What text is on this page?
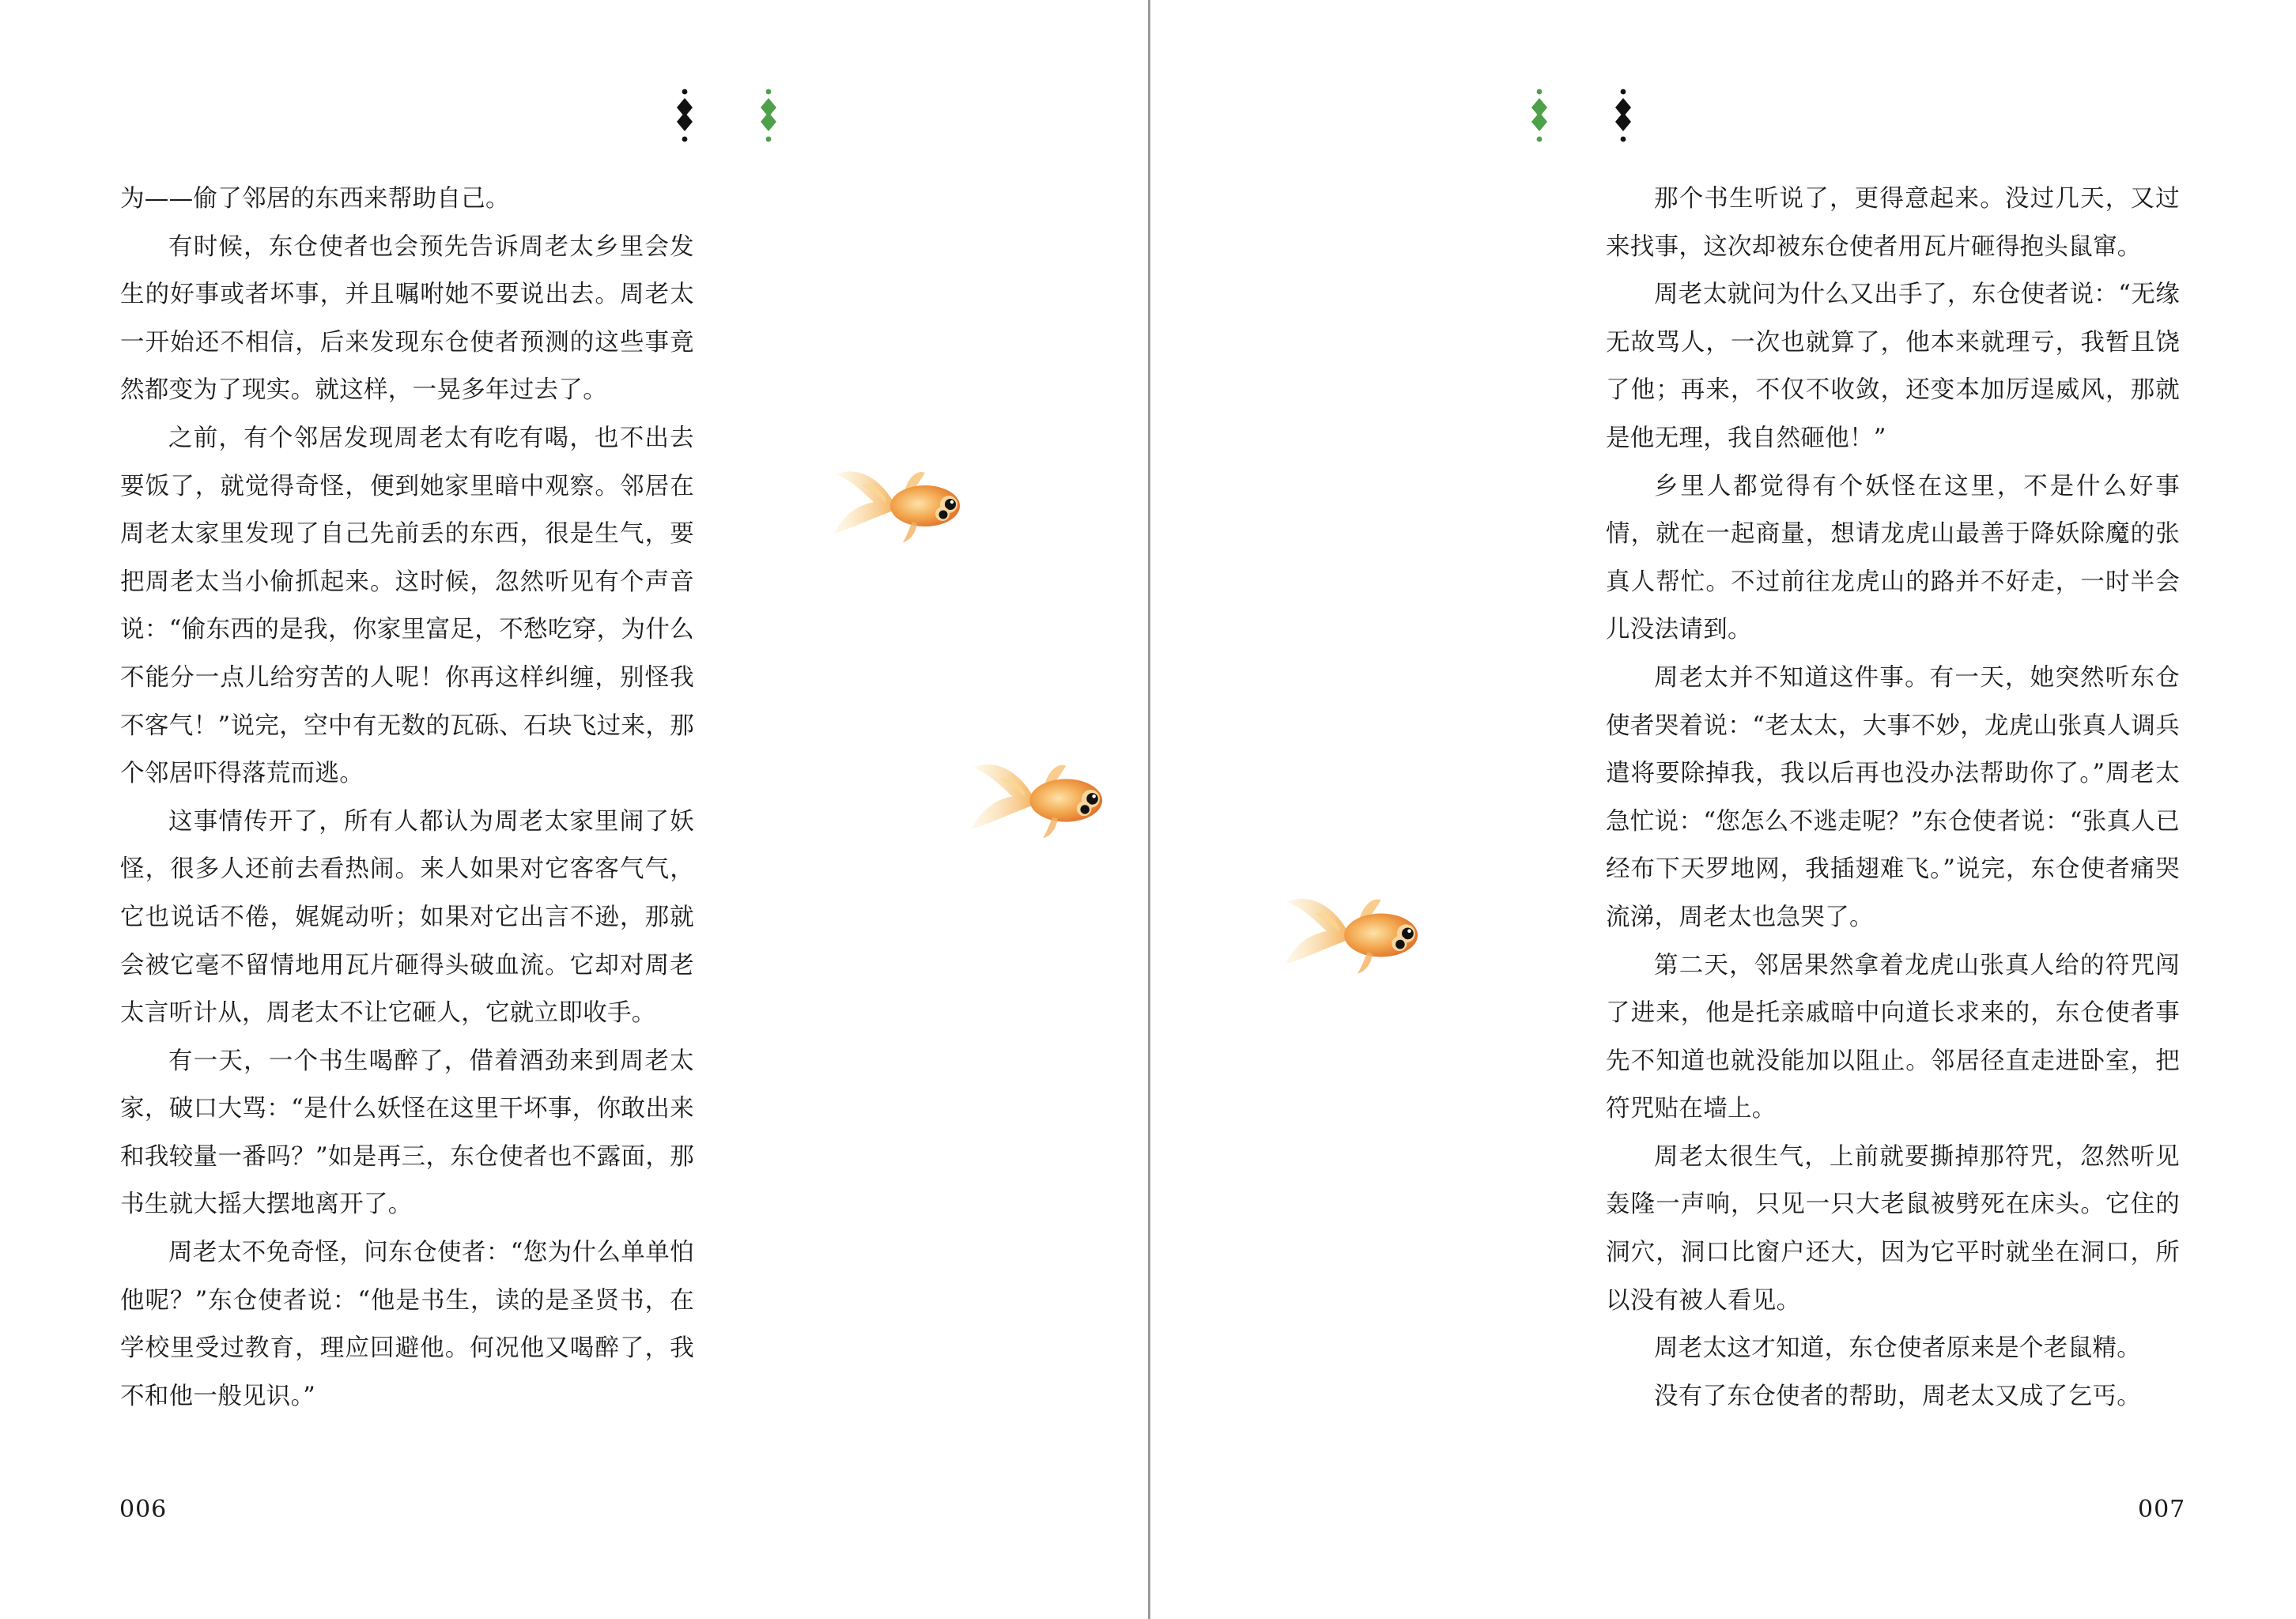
为——偷了邻居的东西来帮助自己。

有时候，东仓使者也会预先告诉周老太乡里会发生的好事或者坏事，并且嘱咐她不要说出去。周老太一开始还不相信，后来发现东仓使者预测的这些事竟然都变为了现实。就这样，一晃多年过去了。

之前，有个邻居发现周老太有吃有喝，也不出去要饭了，就觉得奇怪，便到她家里暗中观察。邻居在周老太家里发现了自己先前丢的东西，很是生气，要把周老太当小偷抓起来。这时候，忽然听见有个声音说：“偷东西的是我，你家里富足，不愁吃穿，为什么不能分一点儿给穷苦的人呢！你再这样纠缠，别怪我不客气！”说完，空中有无数的瓦砾、石块飞过来，那个邻居吓得落荒而逃。

这事情传开了，所有人都认为周老太家里闹了妖怪，很多人还前去看热闹。来人如果对它客客气气，它也说话不倦，娓娓动听；如果对它出言不逊，那就会被它毫不留情地用瓦片砸得头破血流。它却对周老太言听计从，周老太不让它砸人，它就立即收手。

有一天，一个书生喝醉了，借着酒劲来到周老太家，破口大骂：“是什么妖怪在这里干坏事，你敢出来和我较量一番吗？”如是再三，东仓使者也不露面，那书生就大摇大摆地离开了。

周老太不免奇怪，问东仓使者：“您为什么单单怕他呢？”东仓使者说：“他是书生，读的是圣贤书，在学校里受过教育，理应回避他。何况他又喝醉了，我不和他一般见识。”

006

那个书生听说了，更得意起来。没过几天，又过来找事，这次却被东仓使者用瓦片砸得抱头鼠窜。

周老太就问为什么又出手了，东仓使者说：“无缘无故骂人，一次也就算了，他本来就理亏，我暂且饶了他；再来，不仅不收敛，还变本加厉逞威风，那就是他无理，我自然砸他！”

乡里人都觉得有个妖怪在这里，不是什么好事情，就在一起商量，想请龙虎山最善于降妖除魔的张真人帮忙。不过前往龙虎山的路并不好走，一时半会儿没法请到。

周老太并不知道这件事。有一天，她突然听东仓使者哭着说：“老太太，大事不妙，龙虎山张真人调兵遣将要除掉我，我以后再也没办法帮助你了。”周老太急忙说：“您怎么不逃走呢？”东仓使者说：“张真人已经布下天罗地网，我插翅难飞。”说完，东仓使者痛哭流涕，周老太也急哭了。

第二天，邻居果然拿着龙虎山张真人给的符咒闯了进来，他是托亲戚暗中向道长求来的，东仓使者事先不知道也就没能加以阻止。邻居径直走进卧室，把符咒贴在墙上。

周老太很生气，上前就要撕掉那符咒，忽然听见轰隆一声响，只见一只大老鼠被劈死在床头。它住的洞穴，洞口比窗户还大，因为它平时就坐在洞口，所以没有被人看见。

周老太这才知道，东仓使者原来是个老鼠精。

没有了东仓使者的帮助，周老太又成了乞丐。

007
